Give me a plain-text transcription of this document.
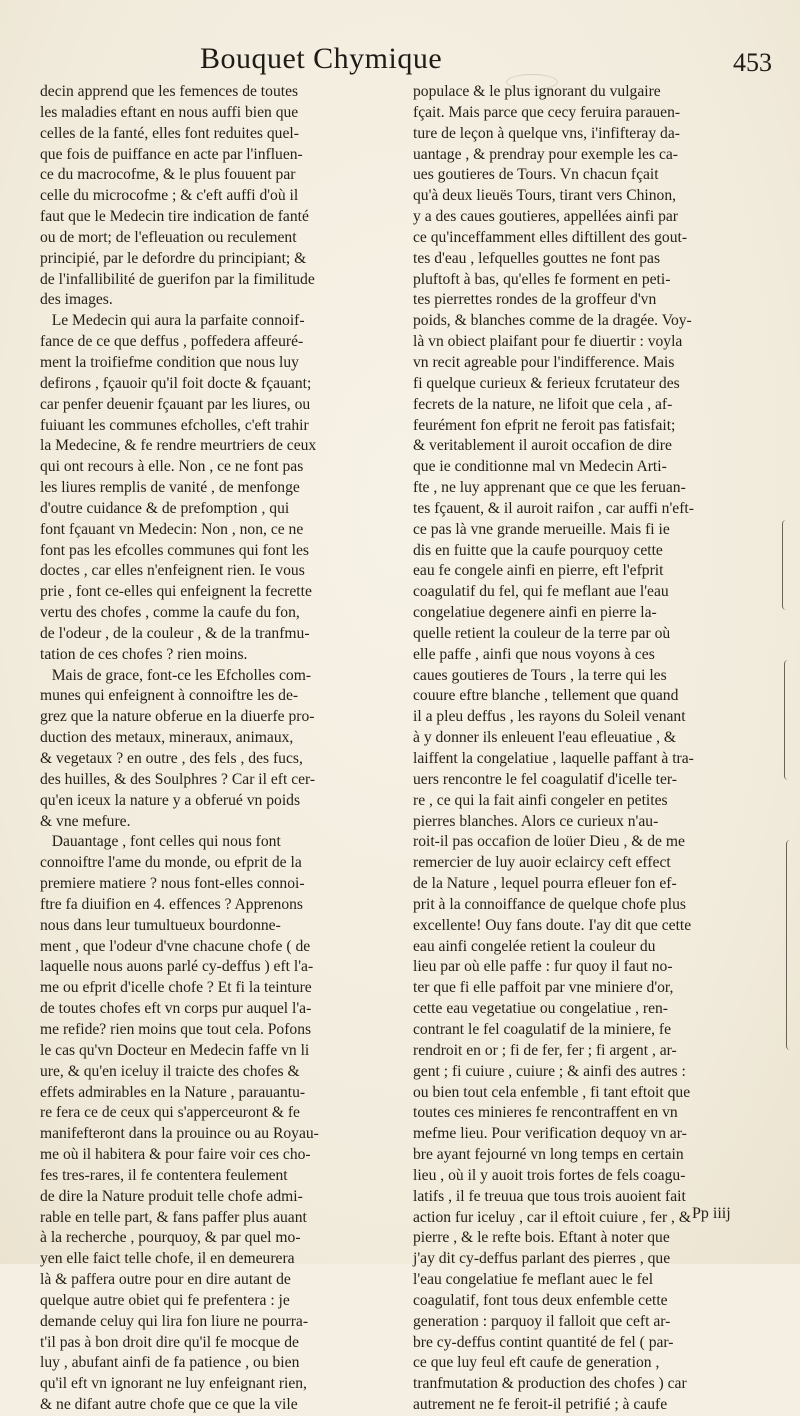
Bouquet Chymique	453
decin apprend que les femences de toutes
les maladies eftant en nous auffi bien que
celles de la fanté, elles font reduites quel-
que fois de puiffance en acte par l'influen-
ce du macrocofme, & le plus fouuent par
celle du microcofme ; & c'eft auffi d'où il
faut que le Medecin tire indication de fanté
ou de mort; de l'efleuation ou reculement
principié, par le defordre du principiant; &
de l'infallibilité de guerifon par la fimilitude
des images.
Le Medecin qui aura la parfaite connoif-
fance de ce que deffus , poffedera affeuré-
ment la troifiefme condition que nous luy
defirons , fçauoir qu'il foit docte & fçauant;
car penfer deuenir fçauant par les liures, ou
fuiuant les communes efcholles, c'eft trahir
la Medecine, & fe rendre meurtriers de ceux
qui ont recours à elle. Non , ce ne font pas
les liures remplis de vanité , de menfonge
d'outre cuidance & de prefomption , qui
font fçauant vn Medecin: Non , non, ce ne
font pas les efcolles communes qui font les
doctes , car elles n'enfeignent rien. Ie vous
prie , font ce-elles qui enfeignent la fecrette
vertu des chofes , comme la caufe du fon,
de l'odeur , de la couleur , & de la tranfmu-
tation de ces chofes ? rien moins.
Mais de grace, font-ce les Efcholles com-
munes qui enfeignent à connoiftre les de-
grez que la nature obferue en la diuerfe pro-
duction des metaux, mineraux, animaux,
& vegetaux ? en outre , des fels , des fucs,
des huilles, & des Soulphres ? Car il eft cer-
qu'en iceux la nature y a obferué vn poids
& vne mefure.
Dauantage , font celles qui nous font
connoiftre l'ame du monde, ou efprit de la
premiere matiere ? nous font-elles connoi-
ftre fa diuifion en 4. effences ? Apprenons
nous dans leur tumultueux bourdonne-
ment , que l'odeur d'vne chacune chofe ( de
laquelle nous auons parlé cy-deffus ) eft l'a-
me ou efprit d'icelle chofe ? Et fi la teinture
de toutes chofes eft vn corps pur auquel l'a-
me refide? rien moins que tout cela. Pofons
le cas qu'vn Docteur en Medecin faffe vn li
ure, & qu'en iceluy il traicte des chofes &
effets admirables en la Nature , parauantu-
re fera ce de ceux qui s'apperceuront & fe
manifefteront dans la prouince ou au Royau-
me où il habitera & pour faire voir ces cho-
fes tres-rares, il fe contentera feulement
de dire la Nature produit telle chofe admi-
rable en telle part, & fans paffer plus auant
à la recherche , pourquoy, & par quel mo-
yen elle faict telle chofe, il en demeurera
là & paffera outre pour en dire autant de
quelque autre obiet qui fe prefentera : je
demande celuy qui lira fon liure ne pourra-
t'il pas à bon droit dire qu'il fe mocque de
luy , abufant ainfi de fa patience , ou bien
qu'il eft vn ignorant ne luy enfeignant rien,
& ne difant autre chofe que ce que la vile
populace & le plus ignorant du vulgaire
fçait. Mais parce que cecy feruira parauen-
ture de leçon à quelque vns, i'infifteray da-
uantage , & prendray pour exemple les ca-
ues goutieres de Tours. Vn chacun fçait
qu'à deux lieuës Tours, tirant vers Chinon,
y a des caues goutieres, appellées ainfi par
ce qu'inceffamment elles diftillent des gout-
tes d'eau , lefquelles gouttes ne font pas
pluftoft à bas, qu'elles fe forment en peti-
tes pierrettes rondes de la groffeur d'vn
poids, & blanches comme de la dragée. Voy-
là vn obiect plaifant pour fe diuertir : voyla
vn recit agreable pour l'indifference. Mais
fi quelque curieux & ferieux fcrutateur des
fecrets de la nature, ne lifoit que cela , af-
feurément fon efprit ne feroit pas fatisfait;
& veritablement il auroit occafion de dire
que ie conditionne mal vn Medecin Arti-
fte , ne luy apprenant que ce que les feruan-
tes fçauent, & il auroit raifon , car auffi n'eft-
ce pas là vne grande merueille. Mais fi ie
dis en fuitte que la caufe pourquoy cette
eau fe congele ainfi en pierre, eft l'efprit
coagulatif du fel, qui fe meflant aue l'eau
congelatiue degenere ainfi en pierre la-
quelle retient la couleur de la terre par où
elle paffe , ainfi que nous voyons à ces
caues goutieres de Tours , la terre qui les
couure eftre blanche , tellement que quand
il a pleu deffus , les rayons du Soleil venant
à y donner ils enleuent l'eau efleuatiue , &
laiffent la congelatiue , laquelle paffant à tra-
uers rencontre le fel coagulatif d'icelle ter-
re , ce qui la fait ainfi congeler en petites
pierres blanches. Alors ce curieux n'au-
roit-il pas occafion de loüer Dieu , & de me
remercier de luy auoir eclaircy ceft effect
de la Nature , lequel pourra efleuer fon ef-
prit à la connoiffance de quelque chofe plus
excellente! Ouy fans doute. I'ay dit que cette
eau ainfi congelée retient la couleur du
lieu par où elle paffe : fur quoy il faut no-
ter que fi elle paffoit par vne miniere d'or,
cette eau vegetatiue ou congelatiue , ren-
contrant le fel coagulatif de la miniere, fe
rendroit en or ; fi de fer, fer ; fi argent , ar-
gent ; fi cuiure , cuiure ; & ainfi des autres :
ou bien tout cela enfemble , fi tant eftoit que
toutes ces minieres fe rencontraffent en vn
mefme lieu. Pour verification dequoy vn ar-
bre ayant fejourné vn long temps en certain
lieu , où il y auoit trois fortes de fels coagu-
latifs , il fe treuua que tous trois auoient fait
action fur iceluy , car il eftoit cuiure , fer , &
pierre , & le refte bois. Eftant à noter que
j'ay dit cy-deffus parlant des pierres , que
l'eau congelatiue fe meflant auec le fel
coagulatif, font tous deux enfemble cette
generation : parquoy il falloit que ceft ar-
bre cy-deffus contint quantité de fel ( par-
ce que luy feul eft caufe de generation ,
tranfmutation & production des chofes ) car
autrement ne fe feroit-il petrifié ; à caufe
Pp iiij
